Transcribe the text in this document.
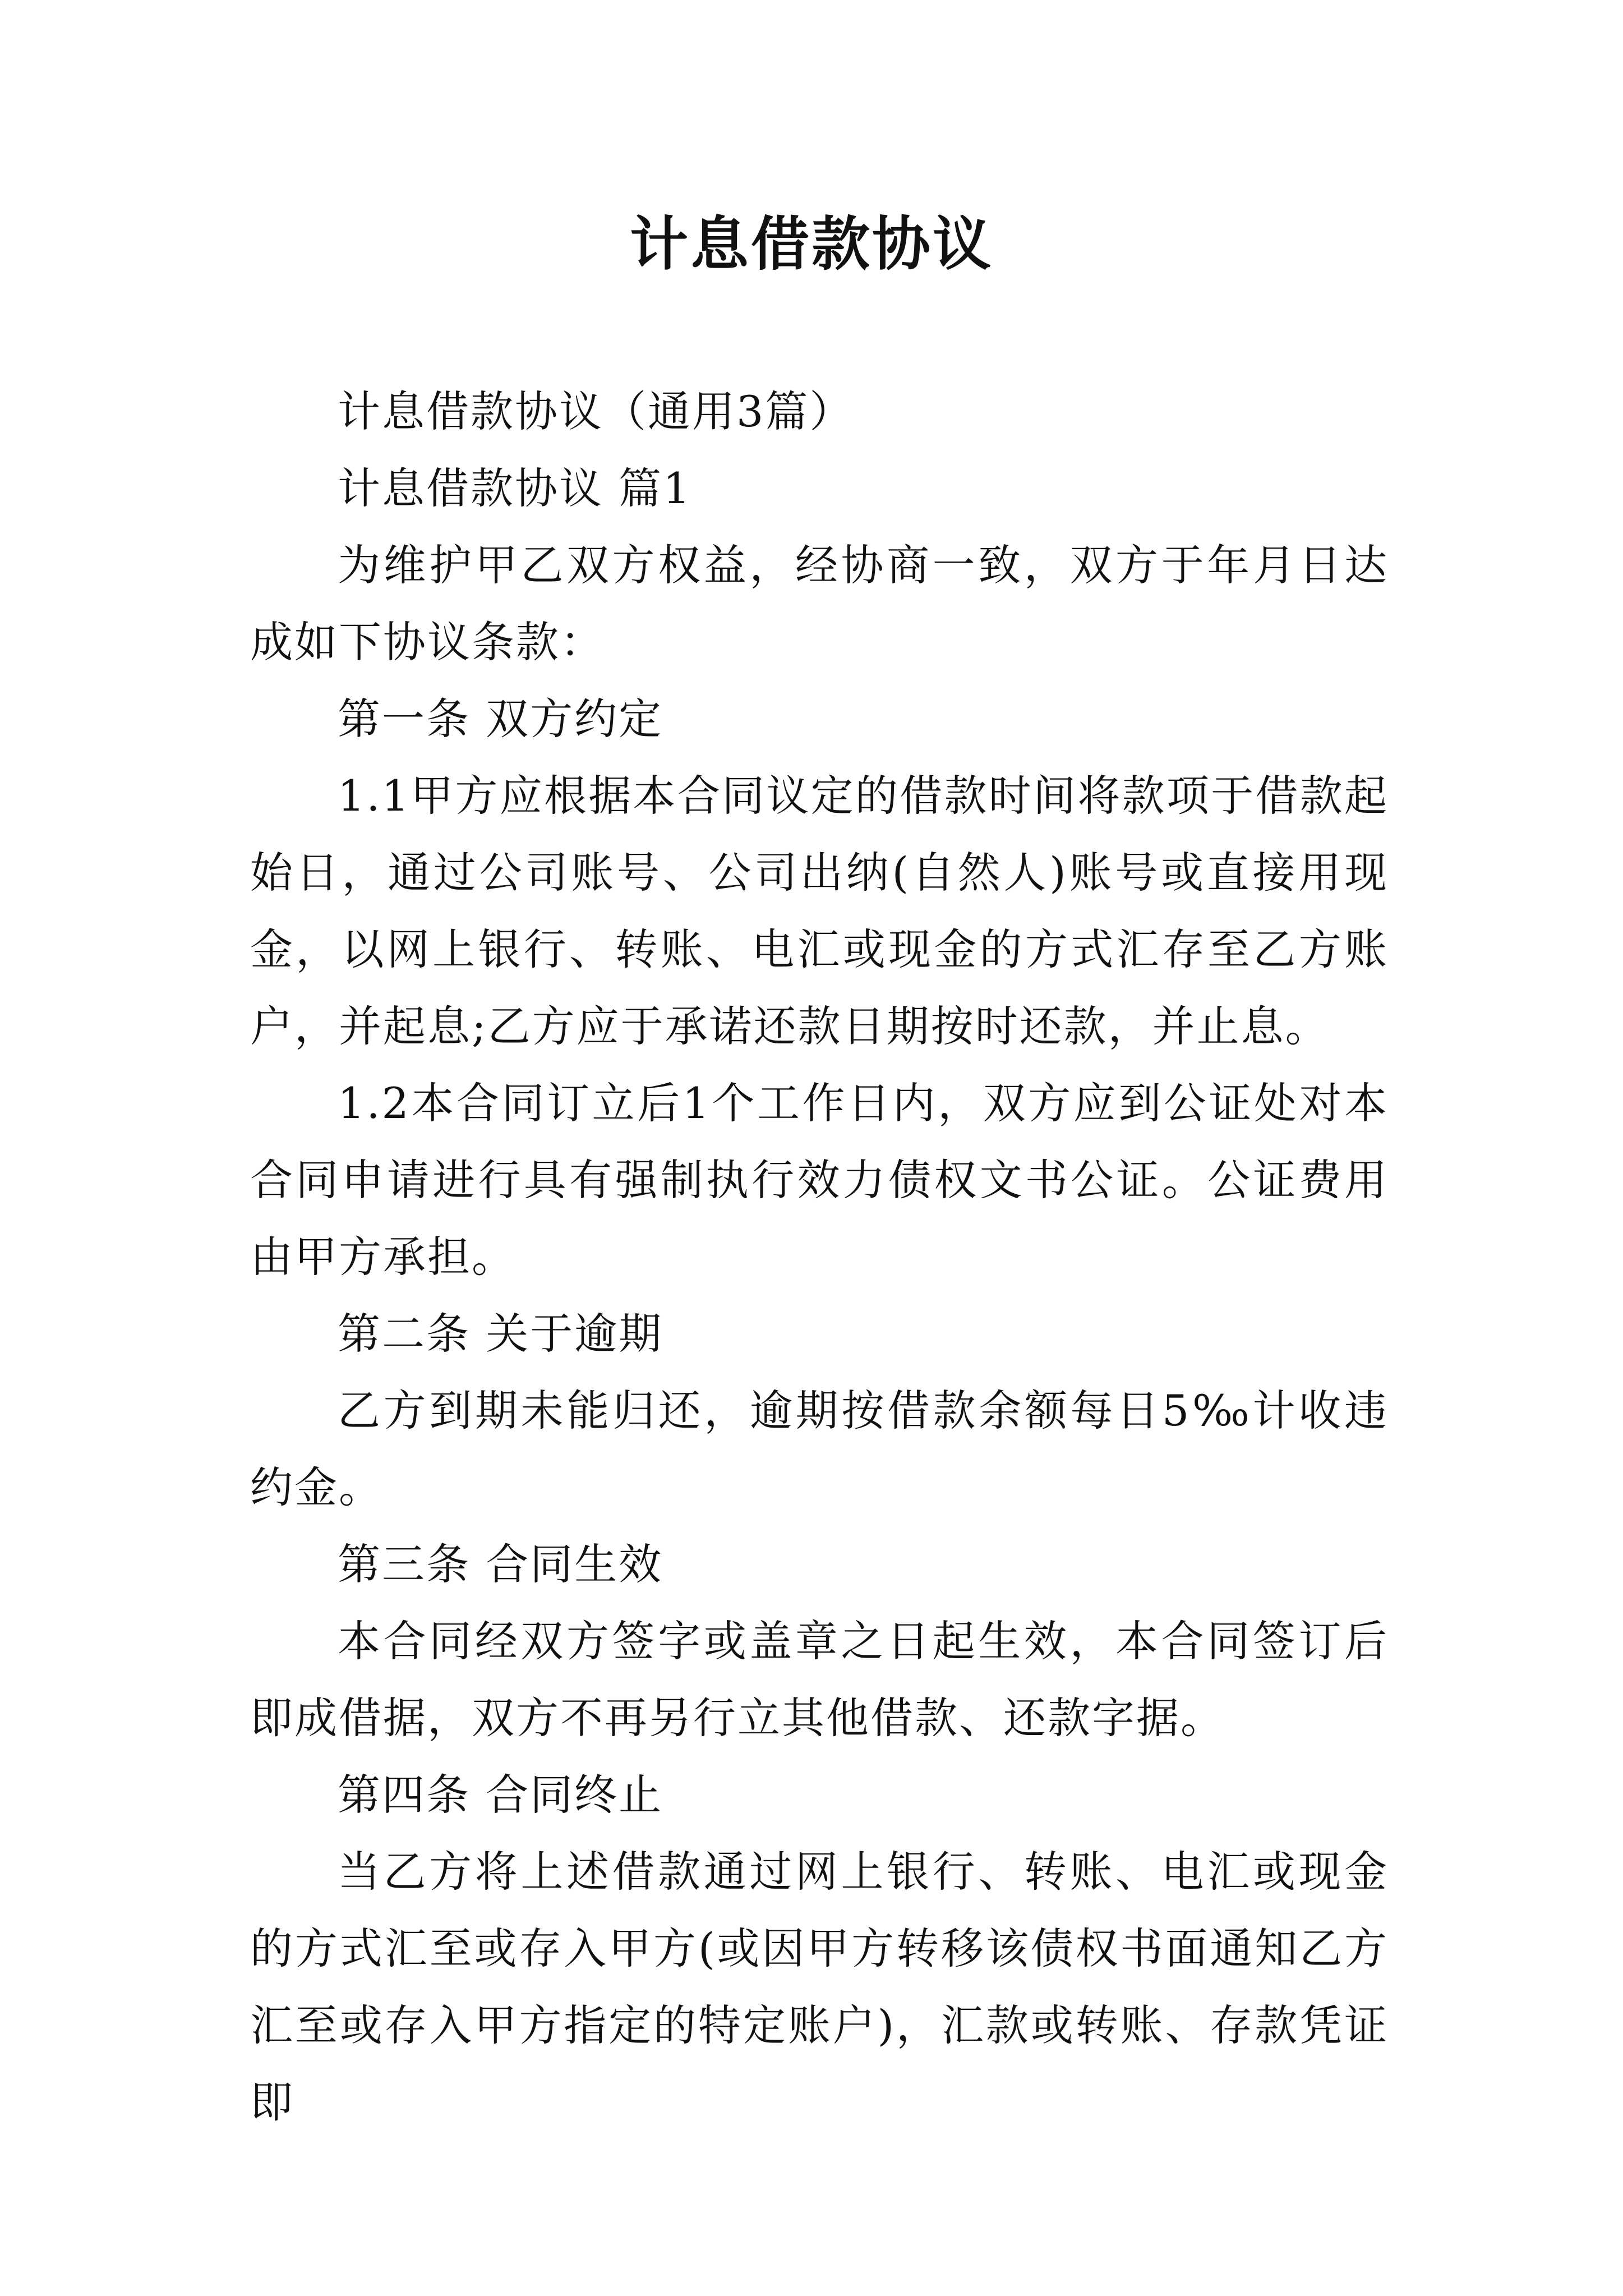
计息借款协议

计息借款协议（通用3篇）

计息借款协议 篇1

为维护甲乙双方权益，经协商一致，双方于年月日达成如下协议条款：

第一条 双方约定

1.1甲方应根据本合同议定的借款时间将款项于借款起始日，通过公司账号、公司出纳(自然人)账号或直接用现金，以网上银行、转账、电汇或现金的方式汇存至乙方账户，并起息;乙方应于承诺还款日期按时还款，并止息。

1.2本合同订立后1个工作日内，双方应到公证处对本合同申请进行具有强制执行效力债权文书公证。公证费用由甲方承担。

第二条 关于逾期

乙方到期未能归还，逾期按借款余额每日5‰计收违约金。

第三条 合同生效

本合同经双方签字或盖章之日起生效，本合同签订后即成借据，双方不再另行立其他借款、还款字据。

第四条 合同终止

当乙方将上述借款通过网上银行、转账、电汇或现金的方式汇至或存入甲方(或因甲方转移该债权书面通知乙方汇至或存入甲方指定的特定账户)，汇款或转账、存款凭证即
